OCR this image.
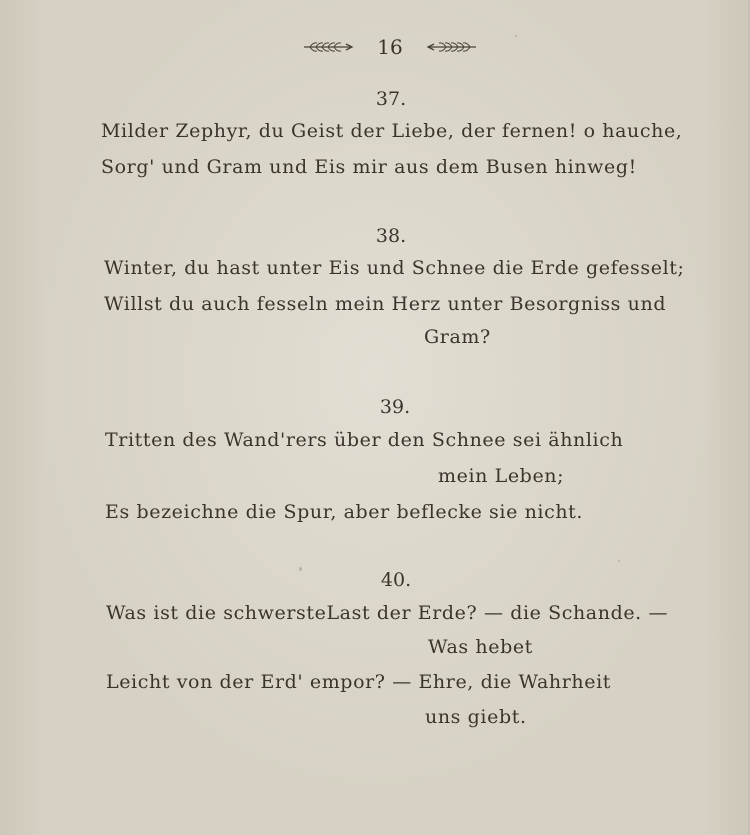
16
37.
Milder Zephyr, du Geist der Liebe, der fernen! o hauche,
Sorg' und Gram und Eis mir aus dem Busen hinweg!
38.
Winter, du hast unter Eis und Schnee die Erde gefesselt;
Willst du auch fesseln mein Herz unter Besorgniss und
Gram?
39.
Tritten des Wand'rers über den Schnee sei ähnlich
mein Leben;
Es bezeichne die Spur, aber beflecke sie nicht.
40.
Was ist die schwersteLast der Erde? — die Schande. —
Was hebet
Leicht von der Erd' empor? — Ehre, die Wahrheit
uns giebt.
